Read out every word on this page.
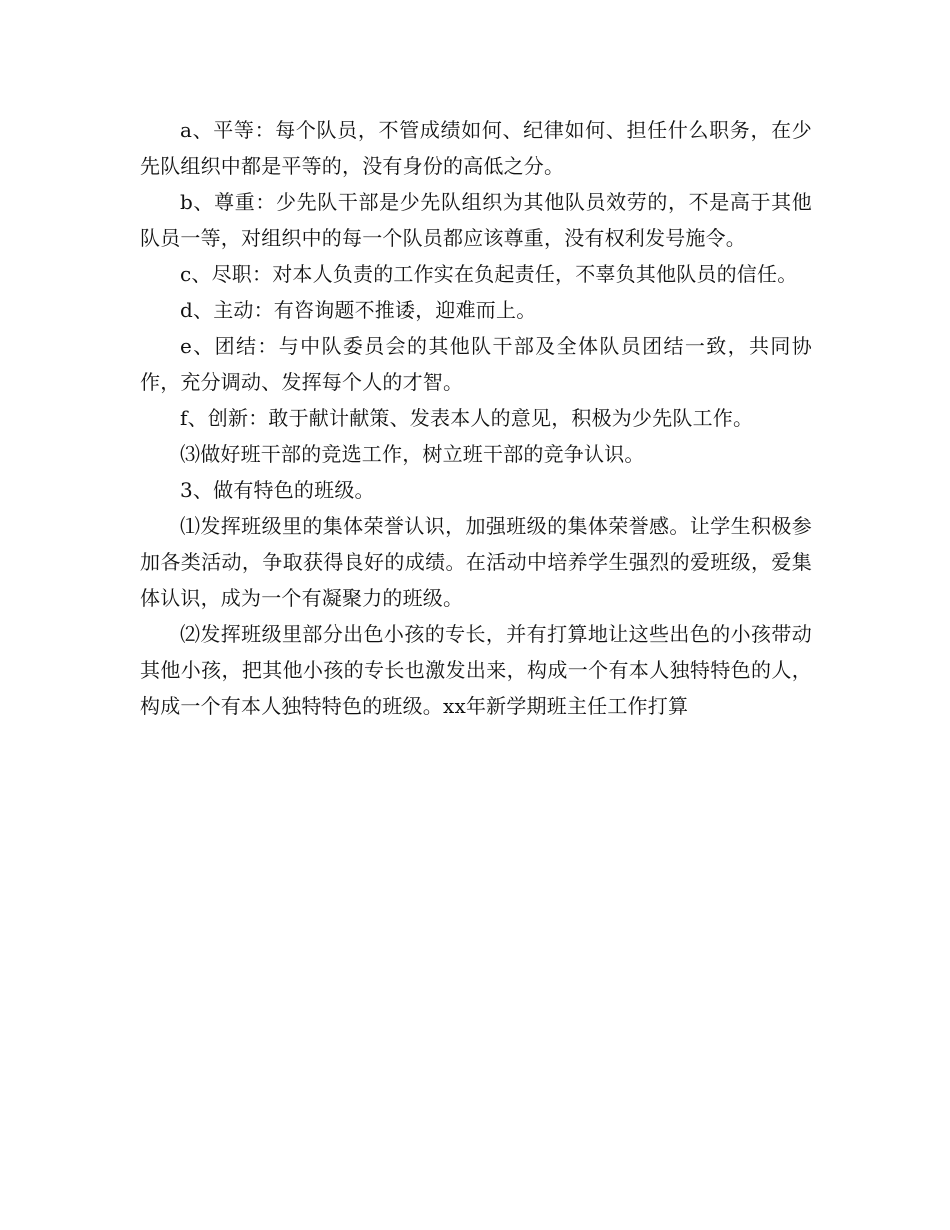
a、平等：每个队员，不管成绩如何、纪律如何、担任什么职务，在少先队组织中都是平等的，没有身份的高低之分。

b、尊重：少先队干部是少先队组织为其他队员效劳的，不是高于其他队员一等，对组织中的每一个队员都应该尊重，没有权利发号施令。

c、尽职：对本人负责的工作实在负起责任，不辜负其他队员的信任。

d、主动：有咨询题不推诿，迎难而上。

e、团结：与中队委员会的其他队干部及全体队员团结一致，共同协作，充分调动、发挥每个人的才智。

f、创新：敢于献计献策、发表本人的意见，积极为少先队工作。

⑶做好班干部的竞选工作，树立班干部的竞争认识。

3、做有特色的班级。

⑴发挥班级里的集体荣誉认识，加强班级的集体荣誉感。让学生积极参加各类活动，争取获得良好的成绩。在活动中培养学生强烈的爱班级，爱集体认识，成为一个有凝聚力的班级。

⑵发挥班级里部分出色小孩的专长，并有打算地让这些出色的小孩带动其他小孩，把其他小孩的专长也激发出来，构成一个有本人独特特色的人，构成一个有本人独特特色的班级。xx年新学期班主任工作打算
